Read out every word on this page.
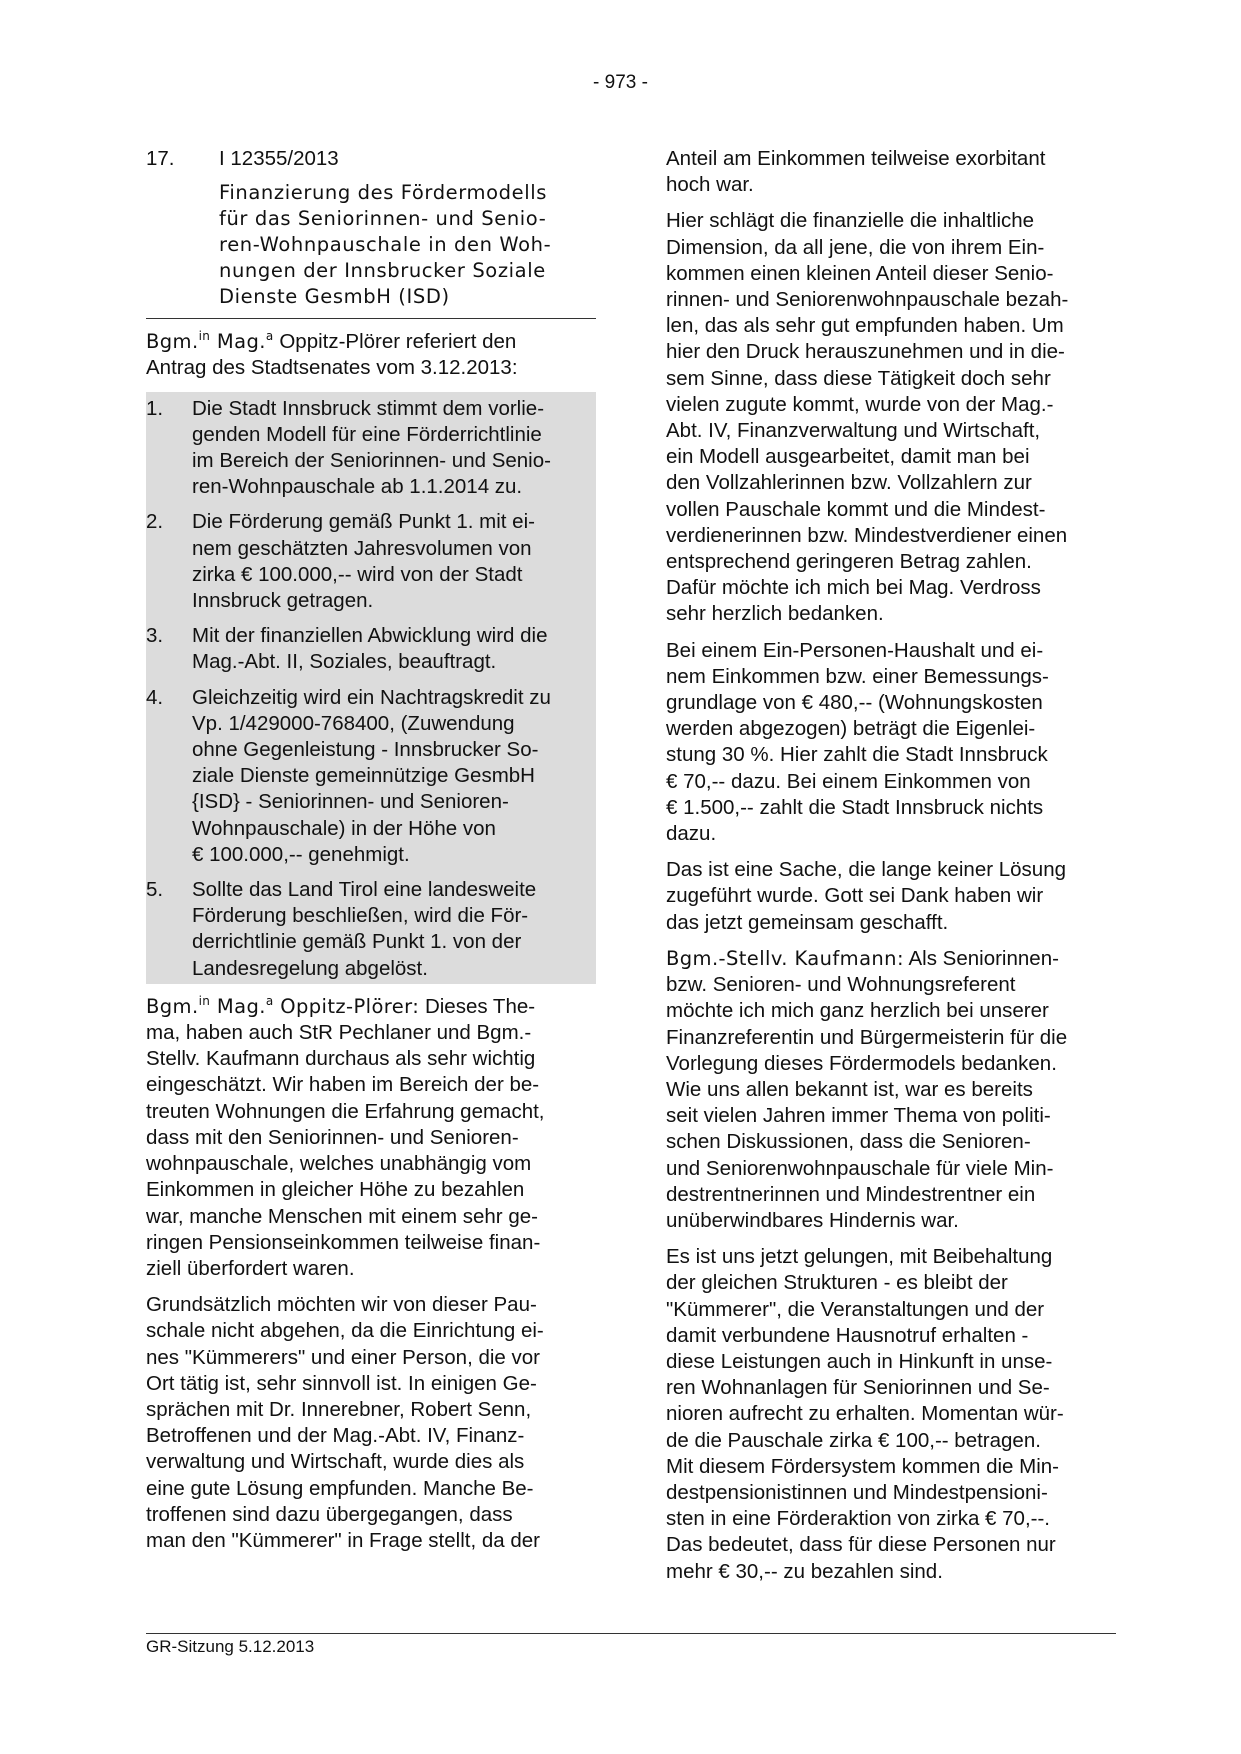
- 973 -
17.	I 12355/2013
Finanzierung des Fördermodells
für das Seniorinnen- und Senio-
ren-Wohnpauschale in den Woh-
nungen der Innsbrucker Soziale
Dienste GesmbH (ISD)

Bgm.$^{in}$ Mag.$^a$ Oppitz-Plörer referiert den
Antrag des Stadtsenates vom 3.12.2013:

1.	Die Stadt Innsbruck stimmt dem vorlie-
genden Modell für eine Förderrichtlinie
im Bereich der Seniorinnen- und Senio-
ren-Wohnpauschale ab 1.1.2014 zu.
2.	Die Förderung gemäß Punkt 1. mit ei-
nem geschätzten Jahresvolumen von
zirka € 100.000,-- wird von der Stadt
Innsbruck getragen.
3.	Mit der finanziellen Abwicklung wird die
Mag.-Abt. II, Soziales, beauftragt.
4.	Gleichzeitig wird ein Nachtragskredit zu
Vp. 1/429000-768400, (Zuwendung
ohne Gegenleistung - Innsbrucker So-
ziale Dienste gemeinnützige GesmbH
{ISD} - Seniorinnen- und Senioren-
Wohnpauschale) in der Höhe von
€ 100.000,-- genehmigt.
5.	Sollte das Land Tirol eine landesweite
Förderung beschließen, wird die För-
derrichtlinie gemäß Punkt 1. von der
Landesregelung abgelöst.

Bgm.$^{in}$ Mag.$^a$ Oppitz-Plörer: Dieses The-
ma, haben auch StR Pechlaner und Bgm.-
Stellv. Kaufmann durchaus als sehr wichtig
eingeschätzt. Wir haben im Bereich der be-
treuten Wohnungen die Erfahrung gemacht,
dass mit den Seniorinnen- und Senioren-
wohnpauschale, welches unabhängig vom
Einkommen in gleicher Höhe zu bezahlen
war, manche Menschen mit einem sehr ge-
ringen Pensionseinkommen teilweise finan-
ziell überfordert waren.

Grundsätzlich möchten wir von dieser Pau-
schale nicht abgehen, da die Einrichtung ei-
nes "Kümmerers" und einer Person, die vor
Ort tätig ist, sehr sinnvoll ist. In einigen Ge-
sprächen mit Dr. Innerebner, Robert Senn,
Betroffenen und der Mag.-Abt. IV, Finanz-
verwaltung und Wirtschaft, wurde dies als
eine gute Lösung empfunden. Manche Be-
troffenen sind dazu übergegangen, dass
man den "Kümmerer" in Frage stellt, da der

Anteil am Einkommen teilweise exorbitant
hoch war.

Hier schlägt die finanzielle die inhaltliche
Dimension, da all jene, die von ihrem Ein-
kommen einen kleinen Anteil dieser Senio-
rinnen- und Seniorenwohnpauschale bezah-
len, das als sehr gut empfunden haben. Um
hier den Druck herauszunehmen und in die-
sem Sinne, dass diese Tätigkeit doch sehr
vielen zugute kommt, wurde von der Mag.-
Abt. IV, Finanzverwaltung und Wirtschaft,
ein Modell ausgearbeitet, damit man bei
den Vollzahlerinnen bzw. Vollzahlern zur
vollen Pauschale kommt und die Mindest-
verdienerinnen bzw. Mindestverdiener einen
entsprechend geringeren Betrag zahlen.
Dafür möchte ich mich bei Mag. Verdross
sehr herzlich bedanken.

Bei einem Ein-Personen-Haushalt und ei-
nem Einkommen bzw. einer Bemessungs-
grundlage von € 480,-- (Wohnungskosten
werden abgezogen) beträgt die Eigenlei-
stung 30 %. Hier zahlt die Stadt Innsbruck
€ 70,-- dazu. Bei einem Einkommen von
€ 1.500,-- zahlt die Stadt Innsbruck nichts
dazu.

Das ist eine Sache, die lange keiner Lösung
zugeführt wurde. Gott sei Dank haben wir
das jetzt gemeinsam geschafft.

Bgm.-Stellv. Kaufmann: Als Seniorinnen-
bzw. Senioren- und Wohnungsreferent
möchte ich mich ganz herzlich bei unserer
Finanzreferentin und Bürgermeisterin für die
Vorlegung dieses Fördermodels bedanken.
Wie uns allen bekannt ist, war es bereits
seit vielen Jahren immer Thema von politi-
schen Diskussionen, dass die Senioren-
und Seniorenwohnpauschale für viele Min-
destrentnerinnen und Mindestrentner ein
unüberwindbares Hindernis war.

Es ist uns jetzt gelungen, mit Beibehaltung
der gleichen Strukturen - es bleibt der
"Kümmerer", die Veranstaltungen und der
damit verbundene Hausnotruf erhalten -
diese Leistungen auch in Hinkunft in unse-
ren Wohnanlagen für Seniorinnen und Se-
nioren aufrecht zu erhalten. Momentan wür-
de die Pauschale zirka € 100,-- betragen.
Mit diesem Fördersystem kommen die Min-
destpensionistinnen und Mindestpensioni-
sten in eine Förderaktion von zirka € 70,--.
Das bedeutet, dass für diese Personen nur
mehr € 30,-- zu bezahlen sind.

GR-Sitzung 5.12.2013
